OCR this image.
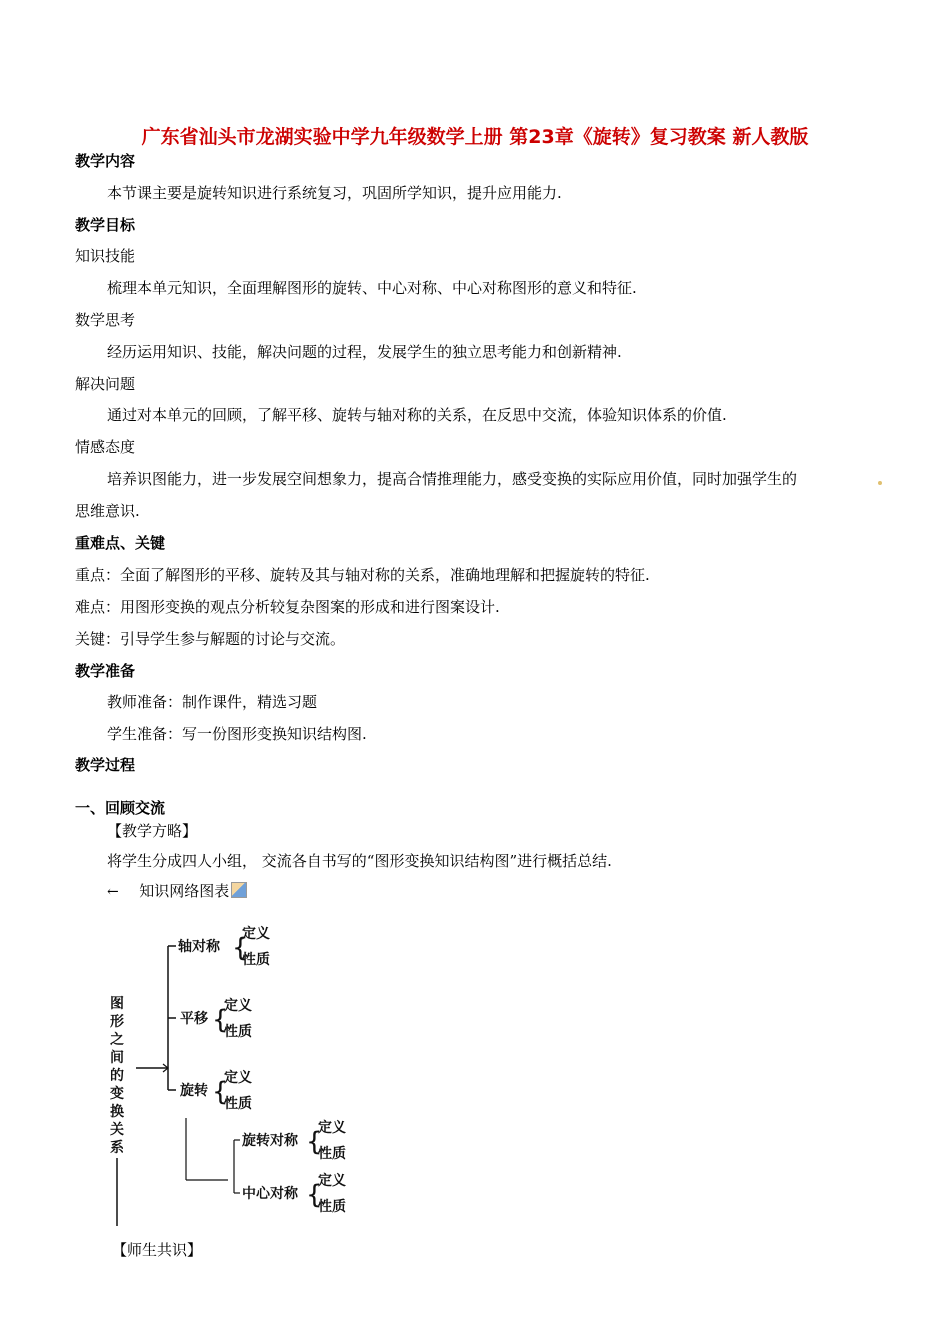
广东省汕头市龙湖实验中学九年级数学上册 第23章《旋转》复习教案 新人教版
教学内容
本节课主要是旋转知识进行系统复习，巩固所学知识，提升应用能力.
教学目标
知识技能
梳理本单元知识，全面理解图形的旋转、中心对称、中心对称图形的意义和特征.
数学思考
经历运用知识、技能，解决问题的过程，发展学生的独立思考能力和创新精神.
解决问题
通过对本单元的回顾，了解平移、旋转与轴对称的关系，在反思中交流，体验知识体系的价值.
情感态度
培养识图能力，进一步发展空间想象力，提高合情推理能力，感受变换的实际应用价值，同时加强学生的
思维意识.
重难点、关键
重点：全面了解图形的平移、旋转及其与轴对称的关系，准确地理解和把握旋转的特征.
难点：用图形变换的观点分析较复杂图案的形成和进行图案设计.
关键：引导学生参与解题的讨论与交流。
教学准备
教师准备：制作课件，精选习题
学生准备：写一份图形变换知识结构图.
教学过程
一、回顾交流
【教学方略】
将学生分成四人小组， 交流各自书写的“图形变换知识结构图”进行概括总结.
← 知识网络图表
图
形
之
间
的
变
换
关
系
轴对称 {
定义
性质
平移 {
定义
性质
旋转 {
定义
性质
旋转对称 {
定义
性质
中心对称 {
定义
性质
【师生共识】
